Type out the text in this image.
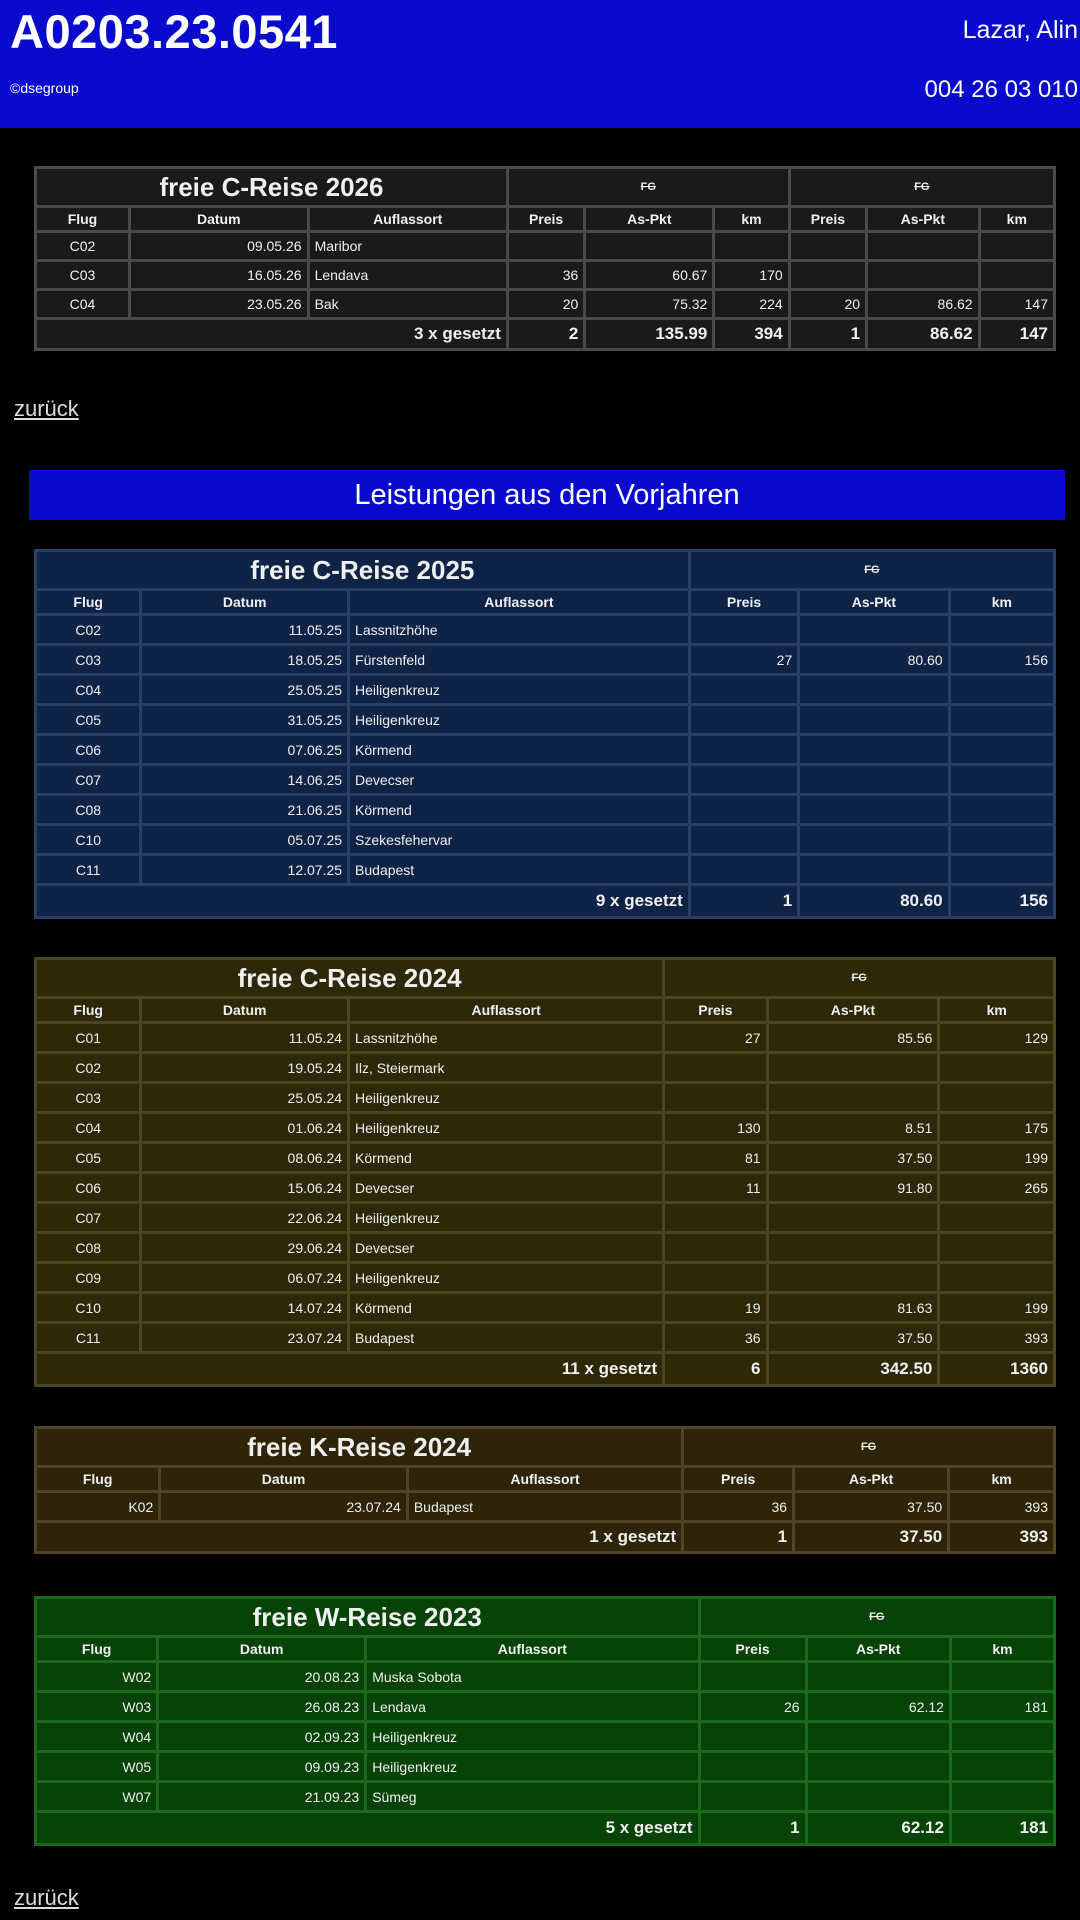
A0203.23.0541	Lazar, Alin
©dsegroup	004 26 03 010
freie C-Reise 2026			FG			FG		
Flug	Datum	Auflassort	Preis	As-Pkt	km	Preis	As-Pkt	km
C02	09.05.26	Maribor						
C03	16.05.26	Lendava	36	60.67	170			
C04	23.05.26	Bak	20	75.32	224	20	86.62	147
3 x gesetzt			2	135.99	394	1	86.62	147
zurück
Leistungen aus den Vorjahren
freie C-Reise 2025			FG		
Flug	Datum	Auflassort	Preis	As-Pkt	km
C02	11.05.25	Lassnitzhöhe			
C03	18.05.25	Fürstenfeld	27	80.60	156
C04	25.05.25	Heiligenkreuz			
C05	31.05.25	Heiligenkreuz			
C06	07.06.25	Körmend			
C07	14.06.25	Devecser			
C08	21.06.25	Körmend			
C10	05.07.25	Szekesfehervar			
C11	12.07.25	Budapest			
9 x gesetzt			1	80.60	156
freie C-Reise 2024			FG		
Flug	Datum	Auflassort	Preis	As-Pkt	km
C01	11.05.24	Lassnitzhöhe	27	85.56	129
C02	19.05.24	Ilz, Steiermark			
C03	25.05.24	Heiligenkreuz			
C04	01.06.24	Heiligenkreuz	130	8.51	175
C05	08.06.24	Körmend	81	37.50	199
C06	15.06.24	Devecser	11	91.80	265
C07	22.06.24	Heiligenkreuz			
C08	29.06.24	Devecser			
C09	06.07.24	Heiligenkreuz			
C10	14.07.24	Körmend	19	81.63	199
C11	23.07.24	Budapest	36	37.50	393
11 x gesetzt			6	342.50	1360
freie K-Reise 2024			FG		
Flug	Datum	Auflassort	Preis	As-Pkt	km
K02	23.07.24	Budapest	36	37.50	393
1 x gesetzt			1	37.50	393
freie W-Reise 2023			FG		
Flug	Datum	Auflassort	Preis	As-Pkt	km
W02	20.08.23	Muska Sobota			
W03	26.08.23	Lendava	26	62.12	181
W04	02.09.23	Heiligenkreuz			
W05	09.09.23	Heiligenkreuz			
W07	21.09.23	Sümeg			
5 x gesetzt			1	62.12	181
zurück
